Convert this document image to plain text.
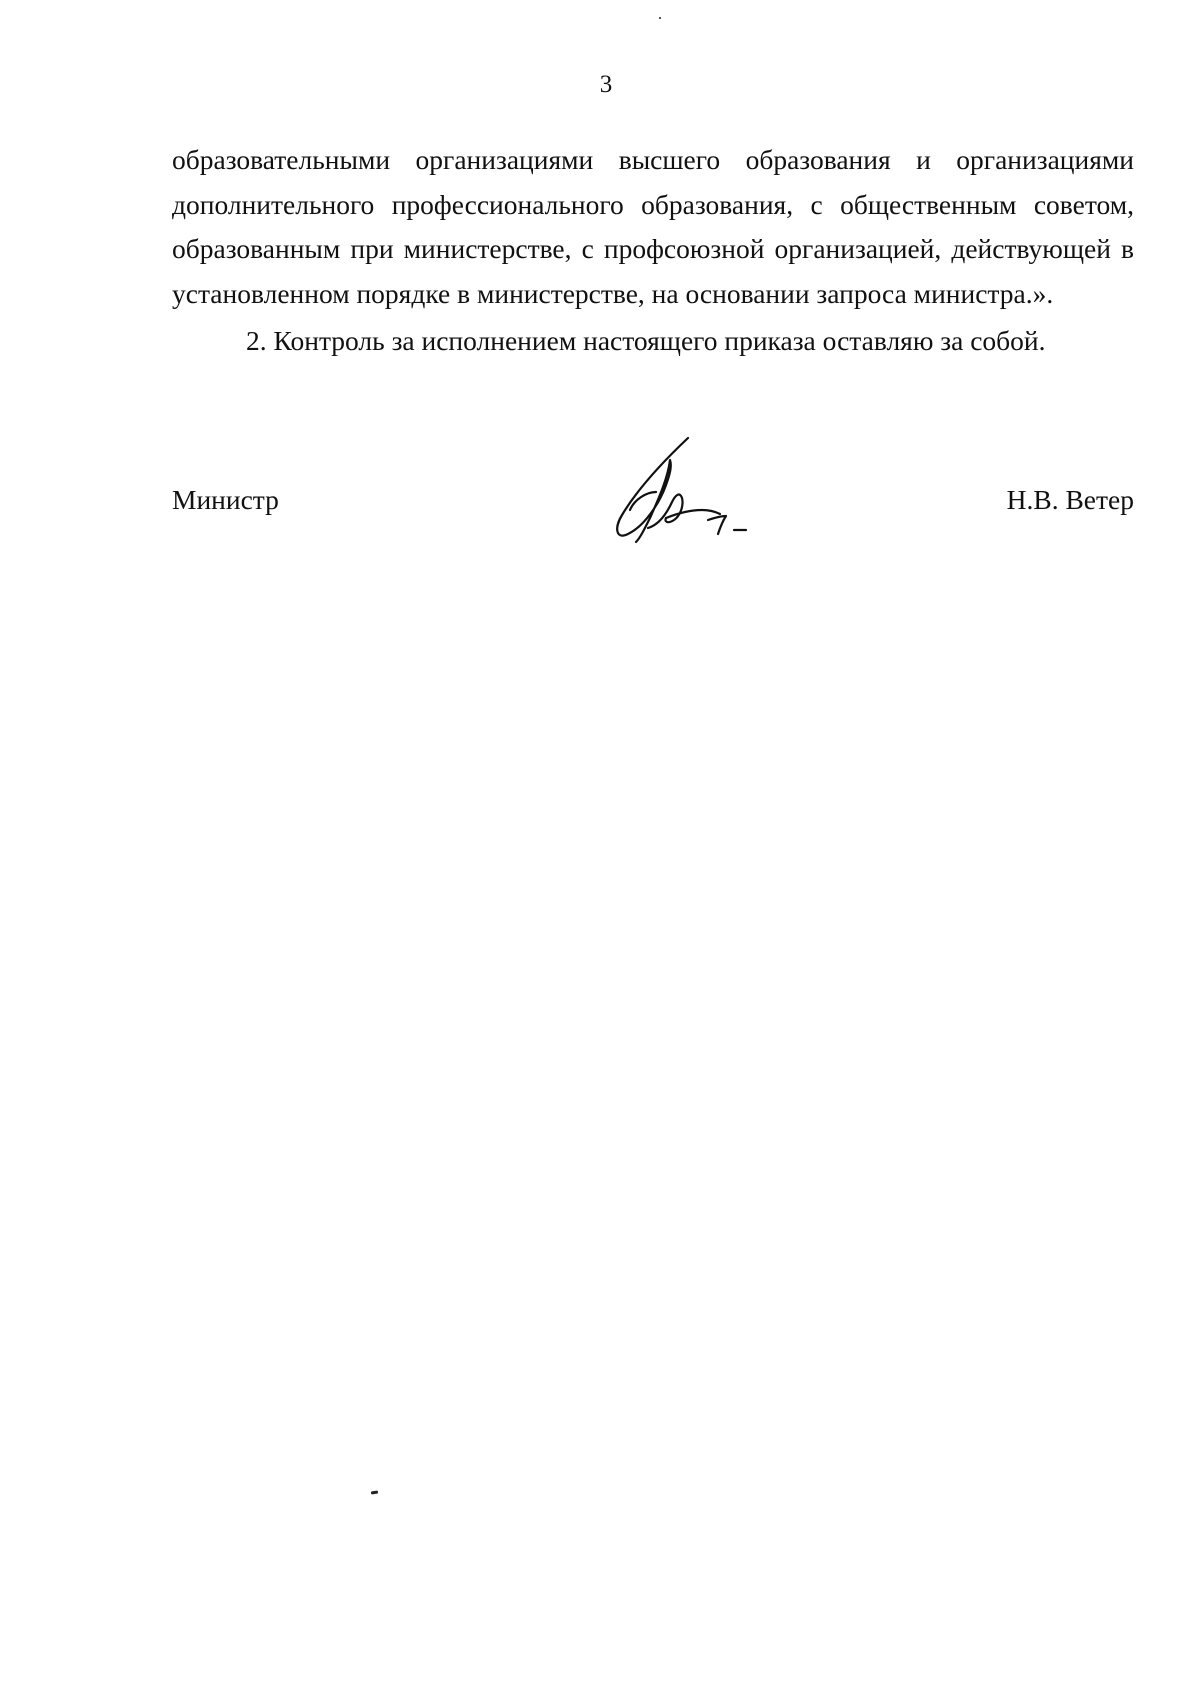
3

образовательными организациями высшего образования и организациями дополнительного профессионального образования, с общественным советом, образованным при министерстве, с профсоюзной организацией, действующей в установленном порядке в министерстве, на основании запроса министра.».

2. Контроль за исполнением настоящего приказа оставляю за собой.

Министр	Н.В. Ветер
